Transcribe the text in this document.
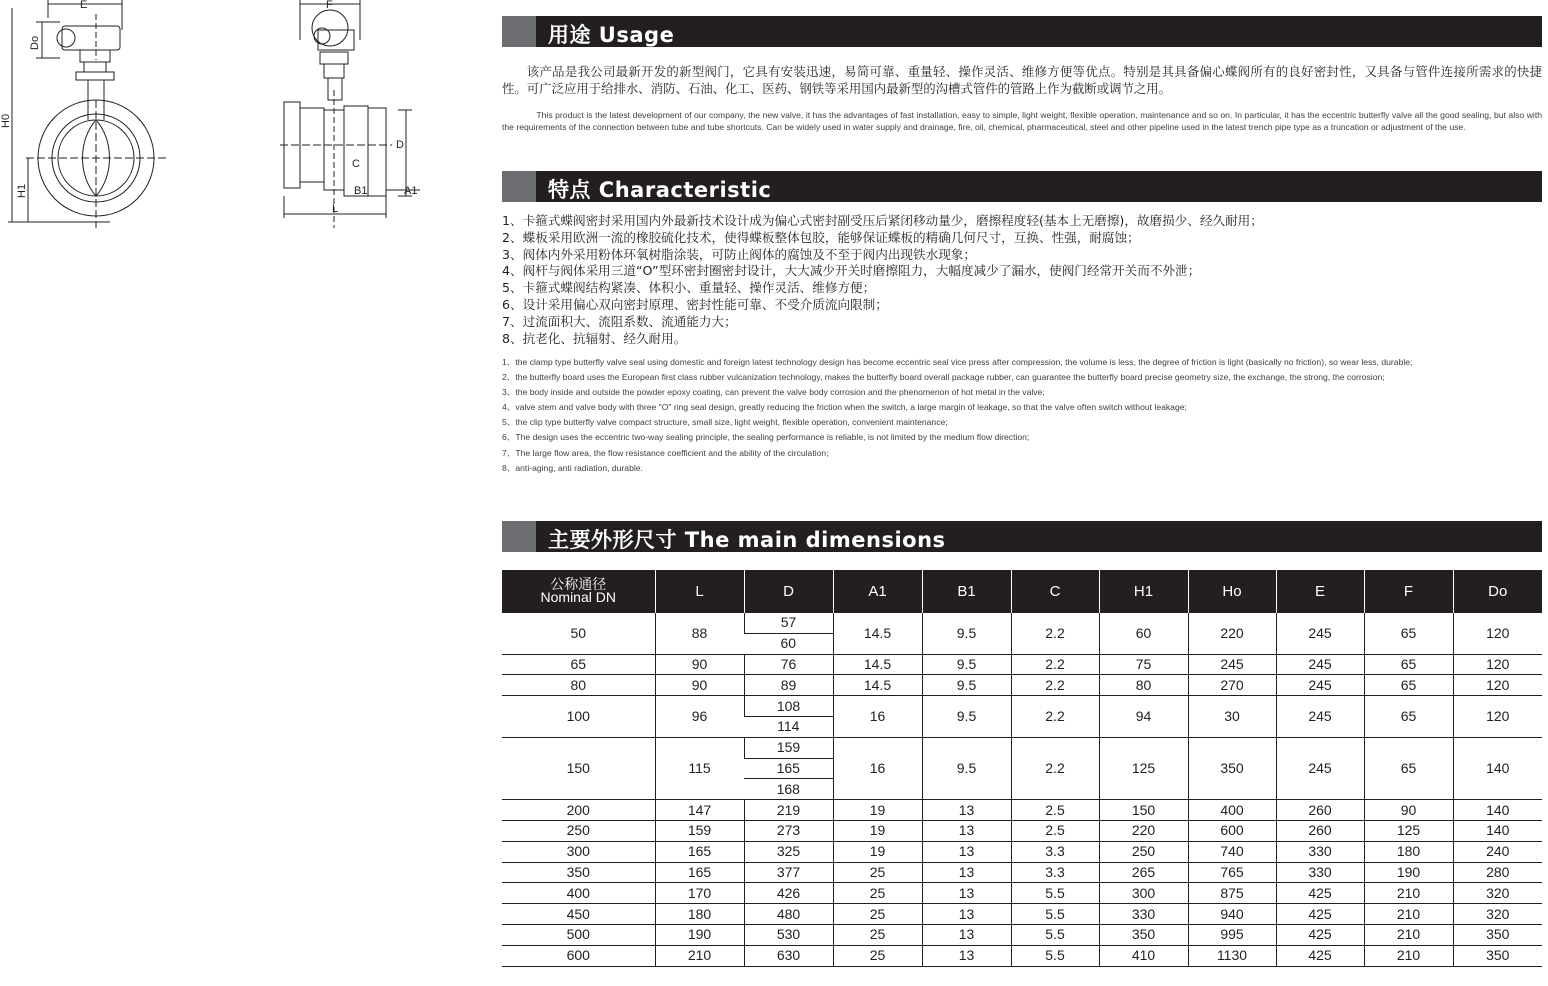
E
Do
H0
H1
F
D
C
B1	A1
L
用途 Usage
该产品是我公司最新开发的新型阀门，它具有安装迅速，易简可靠、重量轻、操作灵活、维修方便等优点。特别是其具备偏心蝶阀所有的良好密封性，又具备与管件连接所需求的快捷性。可广泛应用于给排水、消防、石油、化工、医药、钢铁等采用国内最新型的沟槽式管件的管路上作为截断或调节之用。
This product is the latest development of our company, the new valve, it has the advantages of fast installation, easy to simple, light weight, flexible operation, maintenance and so on. In particular, it has the eccentric butterfly valve all the good sealing, but also with the requirements of the connection between tube and tube shortcuts. Can be widely used in water supply and drainage, fire, oil, chemical, pharmaceutical, steel and other pipeline used in the latest trench pipe type as a truncation or adjustment of the use.
特点 Characteristic
1、卡箍式蝶阀密封采用国内外最新技术设计成为偏心式密封副受压后紧闭移动量少，磨擦程度轻(基本上无磨擦)，故磨损少、经久耐用；
2、蝶板采用欧洲一流的橡胶硫化技术，使得蝶板整体包胶，能够保证蝶板的精确几何尺寸，互换、性强，耐腐蚀；
3、阀体内外采用粉体环氧树脂涂装，可防止阀体的腐蚀及不至于阀内出现铁水现象；
4、阀杆与阀体采用三道“O”型环密封圈密封设计，大大减少开关时磨擦阻力，大幅度减少了漏水，使阀门经常开关而不外泄；
5、卡箍式蝶阀结构紧凑、体积小、重量轻、操作灵活、维修方便；
6、设计采用偏心双向密封原理、密封性能可靠、不受介质流向限制；
7、过流面积大、流阻系数、流通能力大；
8、抗老化、抗辐射、经久耐用。
1、the clamp type butterfly valve seal using domestic and foreign latest technology design has become eccentric seal vice press after compression, the volume is less, the degree of friction is light (basically no friction), so wear less, durable;
2、the butterfly board uses the European first class rubber vulcanization technology, makes the butterfly board overall package rubber, can guarantee the butterfly board precise geometry size, the exchange, the strong, the corrosion;
3、the body inside and outside the powder epoxy coating, can prevent the valve body corrosion and the phenomenon of hot metal in the valve;
4、valve stem and valve body with three "O" ring seal design, greatly reducing the friction when the switch, a large margin of leakage, so that the valve often switch without leakage;
5、the clip type butterfly valve compact structure, small size, light weight, flexible operation, convenient maintenance;
6、The design uses the eccentric two-way sealing principle, the sealing performance is reliable, is not limited by the medium flow direction;
7、The large flow area, the flow resistance coefficient and the ability of the circulation;
8、anti-aging, anti radiation, durable.
主要外形尺寸 The main dimensions
公称通径
Nominal DN	L	D	A1	B1	C	H1	Ho	E	F	Do
50	88	57	14.5	9.5	2.2	60	220	245	65	120
		60								
65	90	76	14.5	9.5	2.2	75	245	245	65	120
80	90	89	14.5	9.5	2.2	80	270	245	65	120
100	96	108	16	9.5	2.2	94	30	245	65	120
		114								
150	115	159	16	9.5	2.2	125	350	245	65	140
		165								
		168								
200	147	219	19	13	2.5	150	400	260	90	140
250	159	273	19	13	2.5	220	600	260	125	140
300	165	325	19	13	3.3	250	740	330	180	240
350	165	377	25	13	3.3	265	765	330	190	280
400	170	426	25	13	5.5	300	875	425	210	320
450	180	480	25	13	5.5	330	940	425	210	320
500	190	530	25	13	5.5	350	995	425	210	350
600	210	630	25	13	5.5	410	1130	425	210	350
